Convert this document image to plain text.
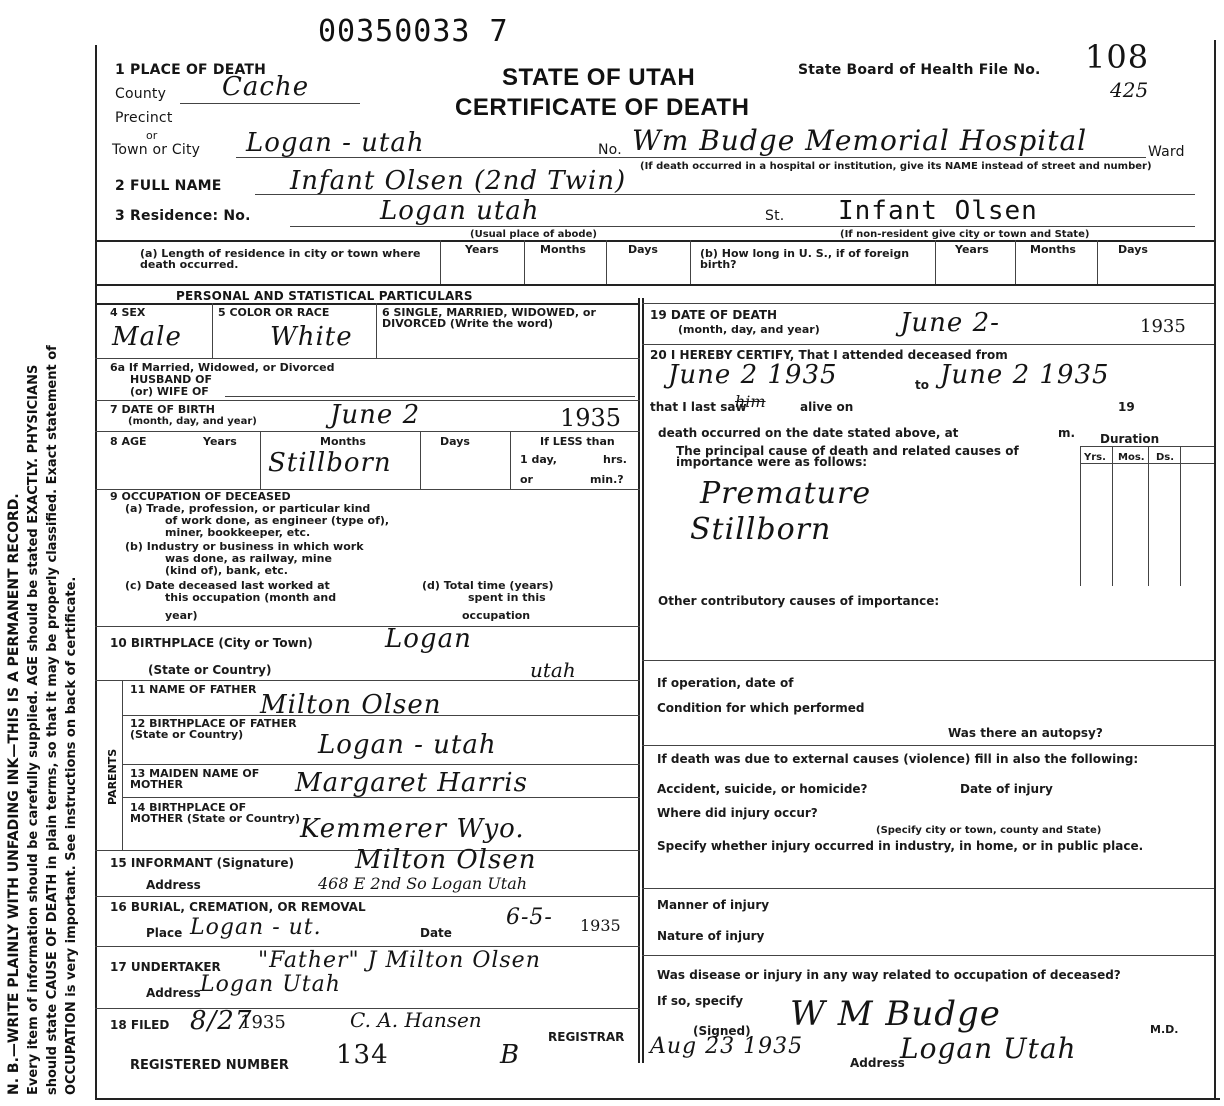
00350033 7
N. B.—WRITE PLAINLY WITH UNFADING INK—THIS IS A PERMANENT RECORD. Every item of information should be carefully supplied. AGE should be stated EXACTLY. PHYSICIANS should state CAUSE OF DEATH in plain terms, so that it may be properly classified. Exact statement of OCCUPATION is very important. See instructions on back of certificate.
STATE OF UTAH
CERTIFICATE OF DEATH
State Board of Health File No. 108
425
1 PLACE OF DEATH
County Cache
Precinct
or
Town or City Logan - utah	No. Wm Budge Memorial Hospital	Ward
(If death occurred in a hospital or institution, give its NAME instead of street and number)
2 FULL NAME	Infant Olsen (2nd Twin)
3 Residence: No.	Logan utah	St. Infant Olsen
(Usual place of abode)	(If non-resident give city or town and State)
(a) Length of residence in city or town where death occurred.
Years	Months	Days	(b) How long in U. S., if of foreign birth?
Years	Months	Days
PERSONAL AND STATISTICAL PARTICULARS
4 SEX
Male
5 COLOR OR RACE
White
6 SINGLE, MARRIED, WIDOWED, or DIVORCED (Write the word)
6a If Married, Widowed, or Divorced
HUSBAND OF
(or) WIFE OF
7 DATE OF BIRTH
(month, day, and year)	June 2	1935
8 AGE	Years	Months	Days	If LESS than
1 day,	hrs.
or	min.?
Stillborn
9 OCCUPATION OF DECEASED
(a) Trade, profession, or particular kind
of work done, as engineer (type of),
miner, bookkeeper, etc.
(b) Industry or business in which work
was done, as railway, mine
(kind of), bank, etc.
(c) Date deceased last worked at
this occupation (month and
year)
(d) Total time (years)
spent in this
occupation
10 BIRTHPLACE (City or Town)	Logan
(State or Country)	utah
PARENTS
11 NAME OF FATHER
Milton Olsen
12 BIRTHPLACE OF FATHER (State or Country)	Logan - utah
13 MAIDEN NAME OF MOTHER	Margaret Harris
14 BIRTHPLACE OF MOTHER (State or Country) Kemmerer Wyo.
15 INFORMANT (Signature) Milton Olsen
Address	468 E 2nd So Logan Utah
16 BURIAL, CREMATION, OR REMOVAL
Place Logan - ut.	Date
6-5- 1935
17 UNDERTAKER "Father" J Milton Olsen
Address Logan Utah
18 FILED 8/27
1935	C. A. Hansen
REGISTRAR
REGISTERED NUMBER 134	B
19 DATE OF DEATH
(month, day, and year)	June 2-	1935
20 I HEREBY CERTIFY, That I attended deceased from
June 2 1935	to June 2 1935
that I last saw
him	alive on	19
death occurred on the date stated above, at	m. Duration
Yrs. Mos. Ds.
The principal cause of death and related causes of importance were as follows:
Premature
Stillborn
Other contributory causes of importance:
If operation, date of
Condition for which performed
Was there an autopsy?
If death was due to external causes (violence) fill in also the following:
Accident, suicide, or homicide?	Date of injury
Where did injury occur?
(Specify city or town, county and State)
Specify whether injury occurred in industry, in home, or in public place.
Manner of injury
Nature of injury
Was disease or injury in any way related to occupation of deceased?
If so, specify
(Signed) W M Budge	M.D.
Aug 23 1935
Address
Logan Utah
